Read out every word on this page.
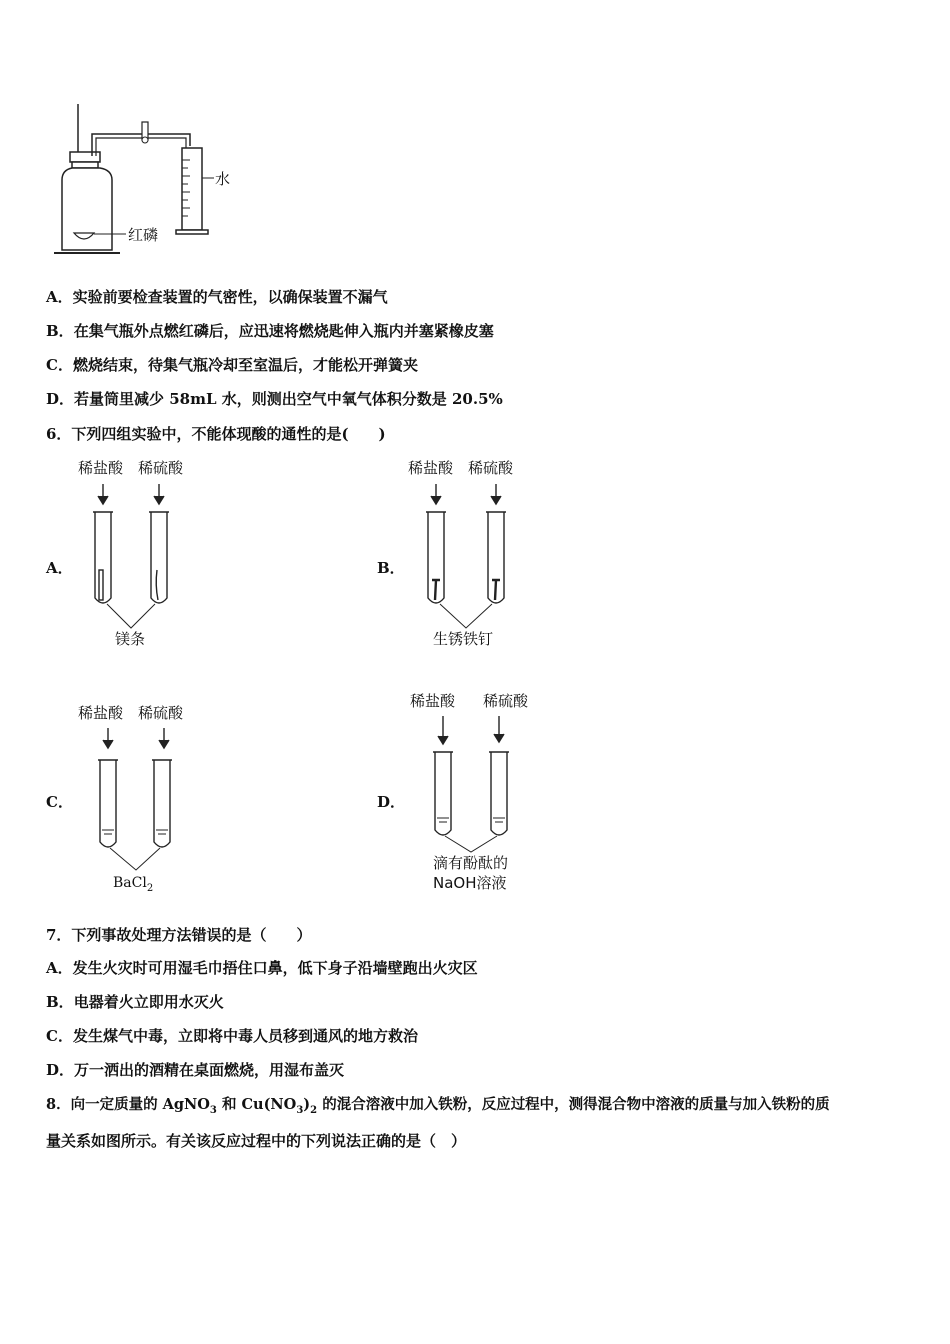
水
红磷
A．实验前要检查装置的气密性，以确保装置不漏气
B．在集气瓶外点燃红磷后，应迅速将燃烧匙伸入瓶内并塞紧橡皮塞
C．燃烧结束，待集气瓶冷却至室温后，才能松开弹簧夹
D．若量筒里减少 58mL 水，则测出空气中氧气体积分数是 20.5%
6．下列四组实验中，不能体现酸的通性的是(　　)
A．
稀盐酸 稀硫酸
镁条
B．
稀盐酸 稀硫酸
生锈铁钉
C．
稀盐酸 稀硫酸
BaCl$_2$
D．
稀盐酸 稀硫酸
滴有酚酞的
NaOH溶液
7．下列事故处理方法错误的是（　　）
A．发生火灾时可用湿毛巾捂住口鼻，低下身子沿墙壁跑出火灾区
B．电器着火立即用水灭火
C．发生煤气中毒，立即将中毒人员移到通风的地方救治
D．万一洒出的酒精在桌面燃烧，用湿布盖灭
8．向一定质量的 AgNO$_3$ 和 $Cu(NO_3)_2$ 的混合溶液中加入铁粉，反应过程中，测得混合物中溶液的质量与加入铁粉的质
量关系如图所示。有关该反应过程中的下列说法正确的是（　）
